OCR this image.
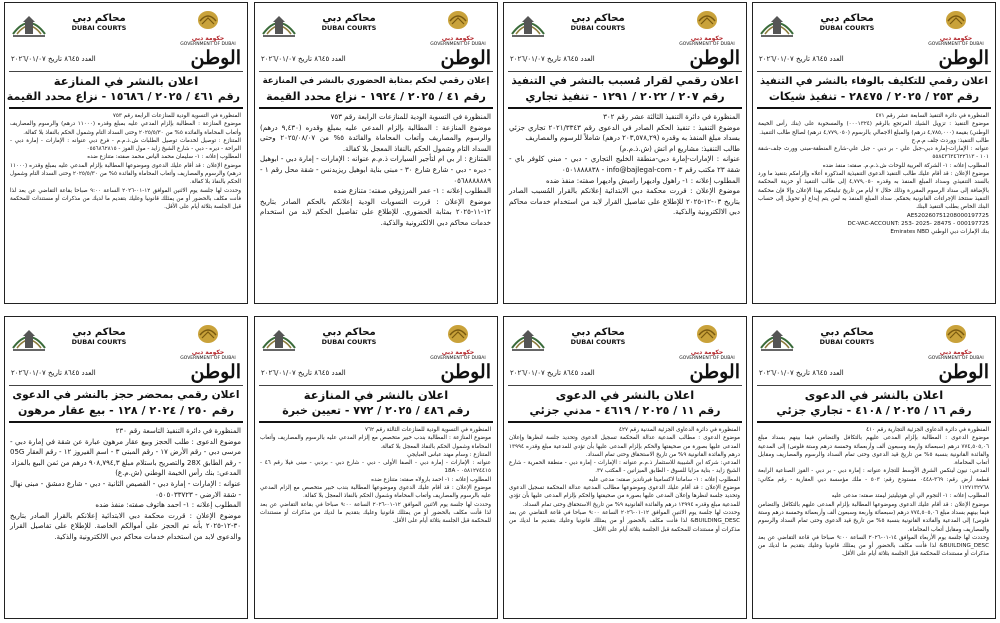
محاكم دبي
DUBAI COURTS
حكومة دبي
GOVERNMENT OF DUBAI
الوطن
العدد ٨٦٤٥ تاريخ ٢٠٢٦/٠١/٠٧
اعلان رقمي للتكليف بالوفاء بالنشر في التنفيذ
رقم ٢٥٣ / ٢٠٢٥ / ٢٨٤٧٥ - تنفيذ شيكات

المنظورة في دائرة التنفيذ السابعة عشر رقم ٤٧١

موضوع التنفيذ : تزويل الشيك المرتجع بالرقم (٠٠٠١٣٢٤) والمسحوبة على (بنك رأس الخيمة الوطني) بقيمة (٤,٧٨٥,٠٠٠ درهم) والمبلغ الاجمالي بالرسوم (٤,٧٧٩,٠٥٠ درهم) لصالح طالب التنفيذ.

طالب التنفيذ: ووردث جلف م.م.ح

عنوانه : الإمارات-إمارة دبي-جبل علي - بر دبي - جبل علي-شارع المنطقة-مبنى وورث جلف-شقة ١٠١ - ٥٥٨٤٣٦٣٤٦٢٢٦١٣

المطلوب إعلانه : ١- الشركة العربية للوحات ش.ذ.م.م. صفته: منفذ ضده

موضوع الإعلان : قد أقام عليك طالب التنفيذ الدعوى التنفيذية المذكورة أعلاه وإلزامكم بتنفيذ ما ورد بالسند التنفيذي وسداد المبلغ المنفذ به وقدره ٤,٧٧٩,٠٥٠ إلى طالب التنفيذ أو خزينة المحكمة بالإضافة إلى سداد الرسوم المقررة وذلك خلال ٧ أيام من تاريخ تبليغكم بهذا الإعلان وإلا فإن محكمة التنفيذ ستتخذ الإجراءات القانونية بحقكم. سداد المبلغ المنفذ به لمن يتم إيداع أو تحويل إلى حساب البنك الخاص بطلب التنفيذ البنك

AE520260751208000197725

DC-VAC-ACCOUNT: 253- 2025- 28475 - 000197725

بنك الإمارات دبي الوطني Emirates NBD

محاكم دبي
DUBAI COURTS
حكومة دبي
GOVERNMENT OF DUBAI
الوطن
العدد ٨٦٤٥ تاريخ ٢٠٢٦/٠١/٠٧
اعلان رقمي لقرار مُسبب بالنشر في التنفيذ
رقم ٢٠٧ / ٢٠٢٢ / ١٢٩١ - تنفيذ تجاري

المنظورة في دائرة التنفيذ الثالثة عشر رقم ٣٠٢

موضوع التنفيذ : تنفيذ الحكم الصادر في الدعوى رقم ٢٠٢١/٣٣٤٣ تجاري جزئي بسداد مبلغ المنفذ به وقدره (٢٠٣,٥٧٨,٢٩ درهم) شاملاً للرسوم والمصاريف

طالب التنفيذ: مشاريع ام اتش (ش.ذ.م.م)

عنوانه : الإمارات-إمارة دبي-منطقة الخليج التجاري - دبي - مبني كلوفر باي - شقة ٢٣ مكتب رقم ٣ - info@bajlegal-com - ٠٥٠١٨٨٨٨٣٨

المطلوب إعلانه : ١- راهول واديهرا راميش واديهرا صفته: منفذ ضده

موضوع الإعلان : قررت محكمة دبي الابتدائية إعلانكم بالقرار المُسبب الصادر بتاريخ ٠٣-١٢-٢٠٢٥ للإطلاع على تفاصيل القرار لابد من استخدام خدمات محاكم دبي الالكترونية والذكية.

محاكم دبي
DUBAI COURTS
حكومة دبي
GOVERNMENT OF DUBAI
الوطن
العدد ٨٦٤٥ تاريخ ٢٠٢٦/٠١/٠٧
إعلان رقمي لحكم بمثابة الحضوري بالنشر في المنازعة
رقم ٤١ / ٢٠٢٥ / ١٩٢٤ - نزاع محدد القيمة

المنظورة في التسوية الودية للمنازعات الرابعة رقم ٧٥٣

موضوع المنازعة : المطالبة بإلزام المدعي عليه بمبلغ وقدره (٩,٤٣٠ درهم) والرسوم والمصاريف وأتعاب المحاماة والفائدة ٥% من ٢٠٢٥/٠٨/٠٧ وحتى السداد التام وشمول الحكم بالنفاذ المعجل بلا كفالة.

المتنازع : ار بي ام لتأجير السيارات ذ.م.م عنوانه : الإمارات - إمارة دبي - ابوهيل - ديره - دبي - شارع شارع ٣٠ - مبنى بناية ابوهيل ريزيدنس - شقة محل رقم ١ - ٠٥٦٨٨٨٨٨٨٩

المطلوب إعلانه : ١- عمر المرزوقي صفته: متنازع ضده

موضوع الإعلان : قررت التسويات الودية إعلانكم بالحكم الصادر بتاريخ ١٢-١١-٢٠٢٥ بمثابة الحضوري. للإطلاع على تفاصيل الحكم لابد من استخدام خدمات محاكم دبي الالكترونية والذكية.

محاكم دبي
DUBAI COURTS
حكومة دبي
GOVERNMENT OF DUBAI
الوطن
العدد ٨٦٤٥ تاريخ ٢٠٢٦/٠١/٠٧
اعلان بالنشر في المنازعة
رقم ٤٦١ / ٢٠٢٥ / ١٥٦٨٦ - نزاع محدد القيمة

المنظورة في التسوية الودية للمنازعات الرابعة رقم ٧٥٣

موضوع المنازعة : المطالبة بإلزام المدعي عليه بمبلغ وقدره (١١٠٠٠ درهم) والرسوم والمصاريف وأتعاب المحاماة والفائدة ٥% من ٢٠٢٥/٥/٣٠ وحتى السداد التام وشمول الحكم بالنفاذ بلا كفالة.

المتنازع : توصيل لخدمات توصيل الطلبات ش.ذ.م.م - فرع دبي عنوانه : الإمارات - إمارة دبي - البراحة - ديره - دبي - شارع الشيخ زايد - مول القوز - ٠٥٥٦٨٦٢٨١٥

المطلوب إعلانه : ١- سليمان محمد الياس محمد صفته: متنازع ضده

موضوع الإعلان : قد أقام عليك الدعوى وموضوعها المطالبة بإلزام المدعي عليه بمبلغ وقدره (١١٠٠٠ درهم) والرسوم والمصاريف وأتعاب المحاماة والفائدة ٥% من ٢٠٢٥/٥/٣٠ وحتى السداد التام وشمول الحكم بالنفاذ بلا كفالة.

وحددت لها جلسة يوم الاثنين الموافق ١٢-٠١-٢٠٢٦ الساعة ٩:٠٠ صباحا بقاعة التقاضي عن بعد لذا فأنت مكلف بالحضور أو من يمثلك قانونيا وعليك بتقديم ما لديك من مذكرات أو مستندات للمحكمة قبل الجلسة بثلاثة أيام على الأقل.

محاكم دبي
DUBAI COURTS
حكومة دبي
GOVERNMENT OF DUBAI
الوطن
العدد ٨٦٤٥ تاريخ ٢٠٢٦/٠١/٠٧
اعلان بالنشر في الدعوى
رقم ١٦ / ٢٠٢٥ / ٤١٠٨ - تجاري جزئي

المنظورة في دائرة الدعاوى الجزئية التجارية رقم ٤١٠

موضوع الدعوى : المطالبة بإلزام المدعى عليهم بالتكافل والتضامن فيما بينهم بسداد مبلغ ٧٧٤,٥٠٥,٠٦ درهم (سبعمائة واربعة وسبعون ألف وأربعمائة وخمسة درهم وستة فلوس) إلى المدعية والفائدة القانونية بنسبة ٥% من تاريخ قيد الدعوى وحتى تمام السداد والرسوم والمصاريف ومقابل أتعاب المحاماة.

المدعي: نيون لينكس الشرق الأوسط للتجارة عنوانه : إمارة دبي - بر دبي - القوز الصناعية الرابعة قطعة أرض رقم: ٣٦٩-٠٤٤٨ مستودع رقم: ٥٠٣ - ملك مؤسسة دبي العقارية - رقم مكاني: ١١٢٧١٣٢٧٦٨

المطلوب إعلانه : ١- النجوم الي اي هوتيليتيز ليمتد صفته: مدعى عليه

موضوع الإعلان : قد أقام عليك الدعوى وموضوعها المطالبة بإلزام المدعى عليهم بالتكافل والتضامن فيما بينهم بسداد مبلغ ٧٧٤,٥٠٥,٠٦ درهم (سبعمائة واربعة وسبعون ألف وأربعمائة وخمسة درهم وستة فلوس) إلى المدعية والفائدة القانونية بنسبة ٥% من تاريخ قيد الدعوى وحتى تمام السداد والرسوم والمصاريف ومقابل أتعاب المحاماة.

وحددت لها جلسة يوم الأربعاء الموافق ١٤-٠١-٢٠٢٦ الساعة ٩:٠٠ صباحا في قاعة التقاضي عن بعد BUILDING_DESC& لذا فأنت مكلف بالحضور أو من يمثلك قانونيا وعليك بتقديم ما لديك من مذكرات أو مستندات للمحكمة قبل الجلسة بثلاثة أيام على الأقل.

محاكم دبي
DUBAI COURTS
حكومة دبي
GOVERNMENT OF DUBAI
الوطن
العدد ٨٦٤٥ تاريخ ٢٠٢٦/٠١/٠٧
اعلان بالنشر في الدعوى
رقم ١١ / ٢٠٢٥ / ٤٦١٩ - مدني جزئي

المنظورة في دائرة الدعاوى الجزئية المدنية رقم ٤٢٧

موضوع الدعوى : مطالب المدعية عدالة المحكمة تسجيل الدعوى وتحديد جلسة لنظرها وإعلان المدعى عليها بصورة من صحيفتها والحكم بإلزام المدعى عليها بأن تؤدي للمدعية مبلغ وقدره ١٣٩٩٤ درهم والفائدة القانونية ٩% من تاريخ الاستحقاق وحتى تمام السداد.

المدعي: شركة ابن الشبيبة للاستثمار ذ.م.م عنوانه : الإمارات - إمارة دبي - منطقة الحمرية - شارع الشيخ زايد - بناية مزايا للسوق - الطابق الميزانين - المكتب ٣٧.

المطلوب إعلانه : ١- سامانتا لاكساميتا فيرنانديز صفته: مدعى عليه

موضوع الإعلان : قد أقام عليك الدعوى وموضوعها مطالب المدعية عدالة المحكمة تسجيل الدعوى وتحديد جلسة لنظرها وإعلان المدعى عليها بصورة من صحيفتها والحكم بإلزام المدعى عليها بأن تؤدي للمدعية مبلغ وقدره ١٣٩٩٤ درهم والفائدة القانونية ٩% من تاريخ الاستحقاق وحتى تمام السداد.

وحددت لها جلسة يوم الاثنين الموافق ١٢-٠١-٢٠٢٦ الساعة ٩:٠٠ صباحا في قاعة التقاضي عن بعد BUILDING_DESC& لذا فأنت مكلف بالحضور أو من يمثلك قانونيا وعليك بتقديم ما لديك من مذكرات أو مستندات للمحكمة قبل الجلسة بثلاثة أيام على الأقل.

محاكم دبي
DUBAI COURTS
حكومة دبي
GOVERNMENT OF DUBAI
الوطن
العدد ٨٦٤٥ تاريخ ٢٠٢٦/٠١/٠٧
اعلان بالنشر في المنازعة
رقم ٤٨٦ / ٢٠٢٥ / ٧٧٢ - تعيين خبرة

المنظورة في التسوية الودية للمنازعات الثالثة رقم ٧٦٢

موضوع المنازعة : المطالبة بندب خبير متخصص مع إلزام المدعي عليه بالرسوم والمصاريف وأتعاب المحاماة وشمول الحكم بالنفاذ المعجل بلا كفالة.

المتنازع : وسام مهند عباس العبايجي

عنوانه : الإمارات - إمارة دبي - الصفا الأولى - دبي - شارع دبي - بردبي - مبنى فيلا رقم ٤٦ - ٠٥٨١٢٧٤٤١٥ - 18A

المطلوب إعلانه : ١- احمد بارولاه صفته: متنازع ضده

موضوع الإعلان : قد أقام عليك الدعوى وموضوعها المطالبة بندب خبير متخصص مع إلزام المدعي عليه بالرسوم والمصاريف وأتعاب المحاماة وشمول الحكم بالنفاذ المعجل بلا كفالة.

وحددت لها جلسة يوم الاثنين الموافق ١٢-٠١-٢٠٢٦ الساعة ٩:٠٠ صباحا في بقاعة التقاضي عن بعد لذا فأنت مكلف بالحضور أو من يمثلك قانونيا وعليك بتقديم ما لديك من مذكرات أو مستندات للمحكمة قبل الجلسة بثلاثة أيام على الأقل.

محاكم دبي
DUBAI COURTS
حكومة دبي
GOVERNMENT OF DUBAI
الوطن
العدد ٨٦٤٥ تاريخ ٢٠٢٦/٠١/٠٧
اعلان رقمي بمحضر حجز بالنشر في الدعوى
رقم ٢٥٠ / ٢٠٢٤ / ١٢٨ - بيع عقار مرهون

المنظورة في دائرة التنفيذ التاسعة رقم ٢٣٠

موضوع الدعوى : طلب الحجز وبيع عقار مرهون عبارة عن شقة في إمارة دبي - مرسى دبي - رقم الأرض ١٧ - رقم المبنى ٣ - اسم الفيروز ١٢ - رقم العقار 05G - رقم الطابق 28X والتصريح باستلام مبلغ ٩٠٨,٧٩٤,٣ درهم من ثمن البيع بالمزاد

المدعي: بنك رأس الخيمة الوطني (ش.م.ع)

عنوانه : الإمارات - إمارة دبي - القصيص الثانية - دبي - شارع دمشق - مبنى نهال - شقة الارضي - ٠٥٠٥٠٣٣٧٢٣

المطلوب إعلانه : ١- احمد هاتوف صفته: منفذ ضده

موضوع الإعلان : قررت محكمة دبي الابتدائية إعلانكم بالقرار الصادر بتاريخ ٣٠-١٢-٢٠٢٥ بأنه تم الحجز على أموالكم الخاصة. للإطلاع على تفاصيل القرار والدعوى لابد من استخدام خدمات محاكم دبي الالكترونية والذكية.
